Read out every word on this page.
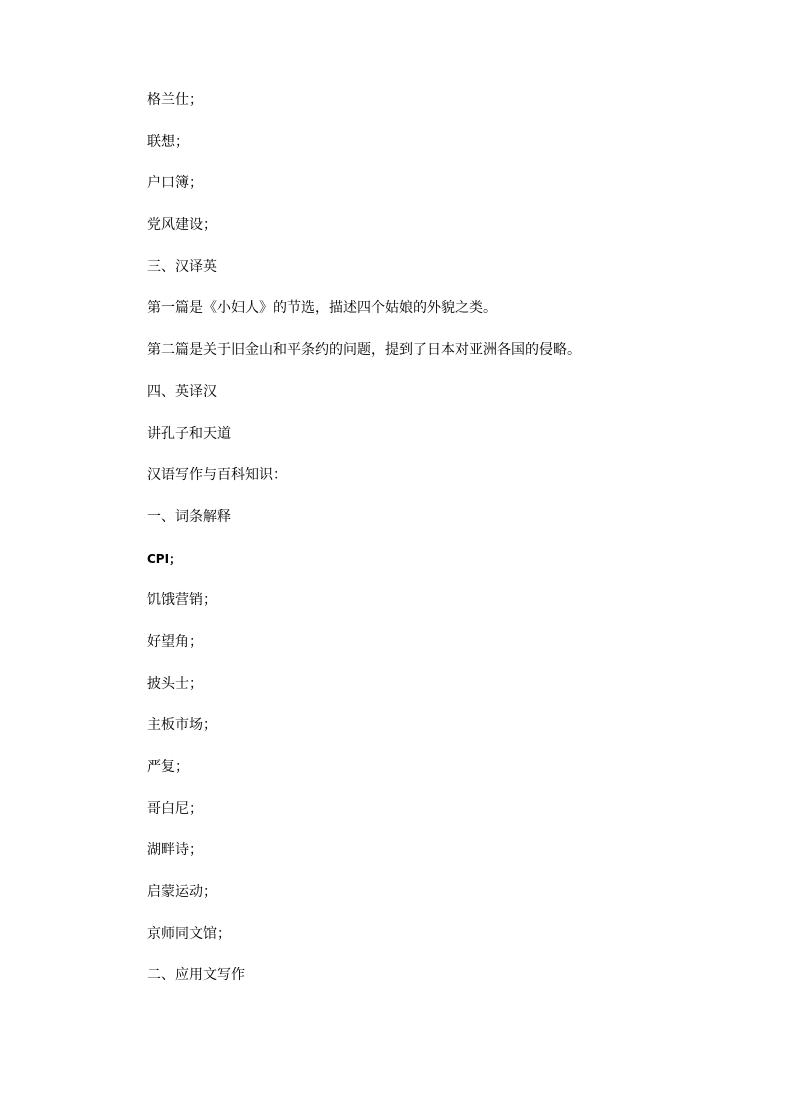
格兰仕；

联想；

户口簿；

党风建设；

三、汉译英

第一篇是《小妇人》的节选，描述四个姑娘的外貌之类。

第二篇是关于旧金山和平条约的问题，提到了日本对亚洲各国的侵略。

四、英译汉

讲孔子和天道

汉语写作与百科知识：

一、词条解释

CPI；

饥饿营销；

好望角；

披头士；

主板市场；

严复；

哥白尼；

湖畔诗；

启蒙运动；

京师同文馆；

二、应用文写作
